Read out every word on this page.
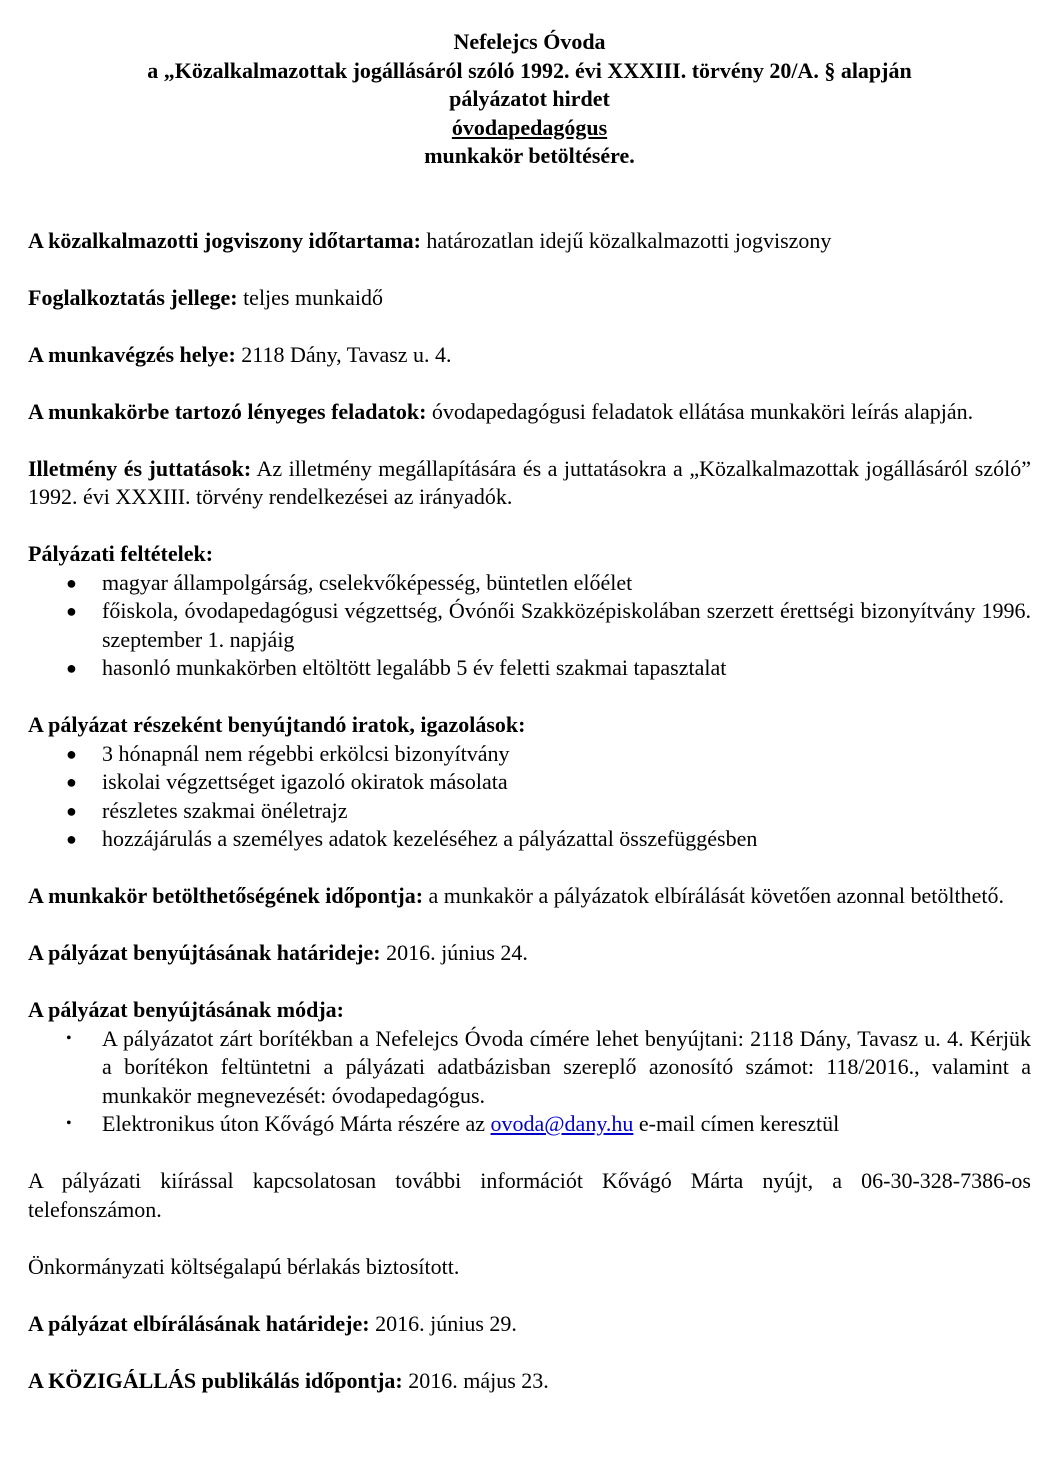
Nefelejcs Óvoda
a „Közalkalmazottak jogállásáról szóló 1992. évi XXXIII. törvény 20/A. § alapján
pályázatot hirdet
óvodapedagógus
munkakör betöltésére.

A közalkalmazotti jogviszony időtartama: határozatlan idejű közalkalmazotti jogviszony

Foglalkoztatás jellege: teljes munkaidő

A munkavégzés helye: 2118 Dány, Tavasz u. 4.

A munkakörbe tartozó lényeges feladatok: óvodapedagógusi feladatok ellátása munkaköri leírás alapján.

Illetmény és juttatások: Az illetmény megállapítására és a juttatásokra a „Közalkalmazottak jogállásáról szóló” 1992. évi XXXIII. törvény rendelkezései az irányadók.

Pályázati feltételek:
● magyar állampolgárság, cselekvőképesség, büntetlen előélet
● főiskola, óvodapedagógusi végzettség, Óvónői Szakközépiskolában szerzett érettségi bizonyítvány 1996. szeptember 1. napjáig
● hasonló munkakörben eltöltött legalább 5 év feletti szakmai tapasztalat
A pályázat részeként benyújtandó iratok, igazolások:
● 3 hónapnál nem régebbi erkölcsi bizonyítvány
● iskolai végzettséget igazoló okiratok másolata
● részletes szakmai önéletrajz
● hozzájárulás a személyes adatok kezeléséhez a pályázattal összefüggésben

A munkakör betölthetőségének időpontja: a munkakör a pályázatok elbírálását követően azonnal betölthető.

A pályázat benyújtásának határideje: 2016. június 24.

A pályázat benyújtásának módja:
• A pályázatot zárt borítékban a Nefelejcs Óvoda címére lehet benyújtani: 2118 Dány, Tavasz u. 4. Kérjük a borítékon feltüntetni a pályázati adatbázisban szereplő azonosító számot: 118/2016., valamint a munkakör megnevezését: óvodapedagógus.
• Elektronikus úton Kővágó Márta részére az ovoda@dany.hu e-mail címen keresztül

A pályázati kiírással kapcsolatosan további információt Kővágó Márta nyújt, a 06-30-328-7386-os telefonszámon.

Önkormányzati költségalapú bérlakás biztosított.

A pályázat elbírálásának határideje: 2016. június 29.

A KÖZIGÁLLÁS publikálás időpontja: 2016. május 23.
